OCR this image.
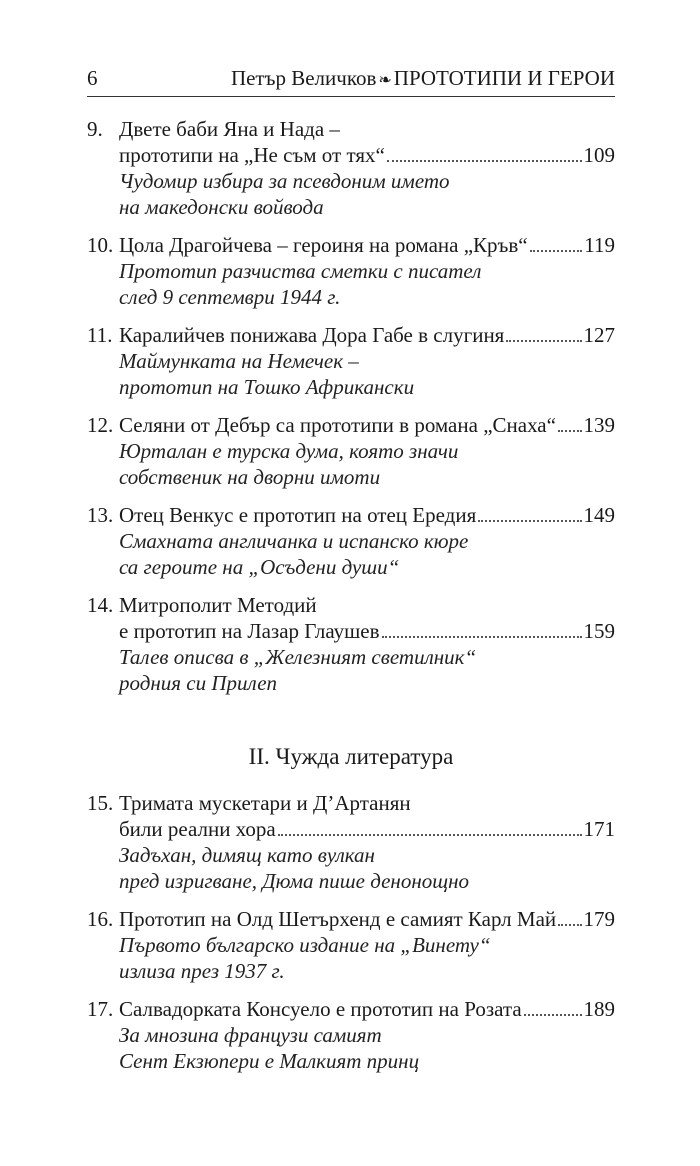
6	Петър Величков ❧ПРОТОТИПИ И ГЕРОИ
9. Двете баби Яна и Нада –
прототипи на „Не съм от тях“	109
Чудомир избира за псевдоним името
на македонски войвода
10. Цола Драгойчева – героиня на романа „Кръв“	119
Прототип разчиства сметки с писател
след 9 септември 1944 г.
11. Каралийчев понижава Дора Габе в слугиня	127
Маймунката на Немечек –
прототип на Тошко Африкански
12. Селяни от Дебър са прототипи в романа „Снаха“ 139
Юрталан е турска дума, която значи
собственик на дворни имоти
13. Отец Венкус е прототип на отец Ередия	149
Смахната англичанка и испанско кюре
са героите на „Осъдени души“
14. Митрополит Методий
е прототип на Лазар Глаушев	159
Талев описва в „Железният светилник“
родния си Прилеп
II. Чужда литература
15. Тримата мускетари и Д’Артанян
били реални хора	171
Задъхан, димящ като вулкан
пред изригване, Дюма пише денонощно
16. Прототип на Олд Шетърхенд е самият Карл Май 179
Първото българско издание на „Винету“
излиза през 1937 г.
17. Салвадорката Консуело е прототип на Розата	189
За мнозина французи самият
Сент Екзюпери е Малкият принц
